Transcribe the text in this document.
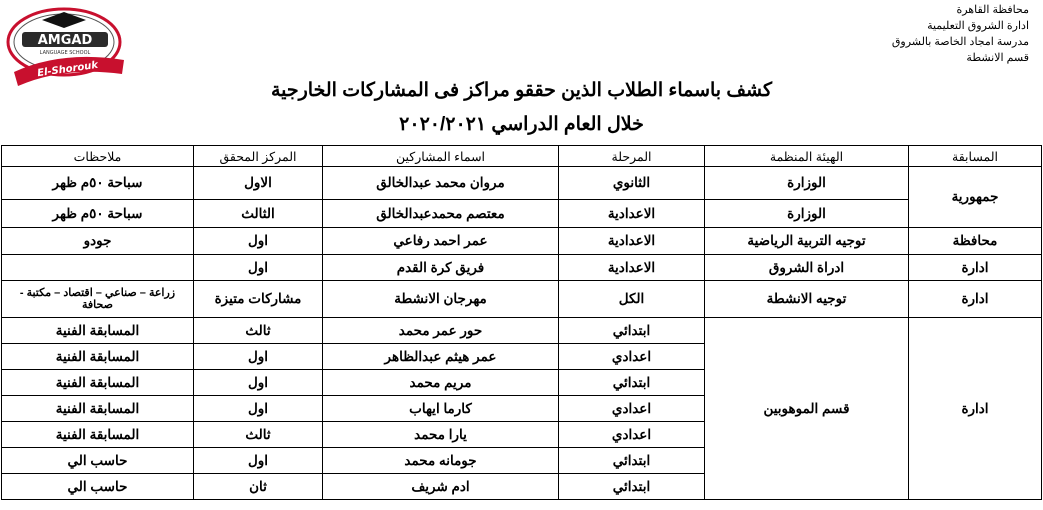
AMGAD
LANGUAGE SCHOOL
El-Shorouk
محافظة القاهرة
ادارة الشروق التعليمية
مدرسة امجاد الخاصة بالشروق
قسم الانشطة
كشف باسماء الطلاب الذين حققو مراكز فى المشاركات الخارجية
خلال العام الدراسي ٢٠٢٠/٢٠٢١
المسابقة	الهيئة المنظمة	المرحلة	اسماء المشاركين	المركز المحقق	ملاحظات
جمهورية	الوزارة	الثانوي	مروان محمد عبدالخالق	الاول	سباحة ٥٠م ظهر
	الوزارة	الاعدادية	معتصم محمدعبدالخالق	الثالث	سباحة ٥٠م ظهر
محافظة	توجيه التربية الرياضية	الاعدادية	عمر احمد رفاعي	اول	جودو
ادارة	ادراة الشروق	الاعدادية	فريق كرة القدم	اول	
ادارة	توجيه الانشطة	الكل	مهرجان الانشطة	مشاركات متيزة	زراعة – صناعي – اقتصاد – مكتبة - صحافة
ادارة	قسم الموهوبين	ابتدائي	حور عمر محمد	ثالث	المسابقة الفنية
		اعدادي	عمر هيثم عبدالظاهر	اول	المسابقة الفنية
		ابتدائي	مريم محمد	اول	المسابقة الفنية
		اعدادي	كارما ايهاب	اول	المسابقة الفنية
		اعدادي	يارا محمد	ثالث	المسابقة الفنية
		ابتدائي	جومانه محمد	اول	حاسب الي
		ابتدائي	ادم شريف	ثان	حاسب الي
